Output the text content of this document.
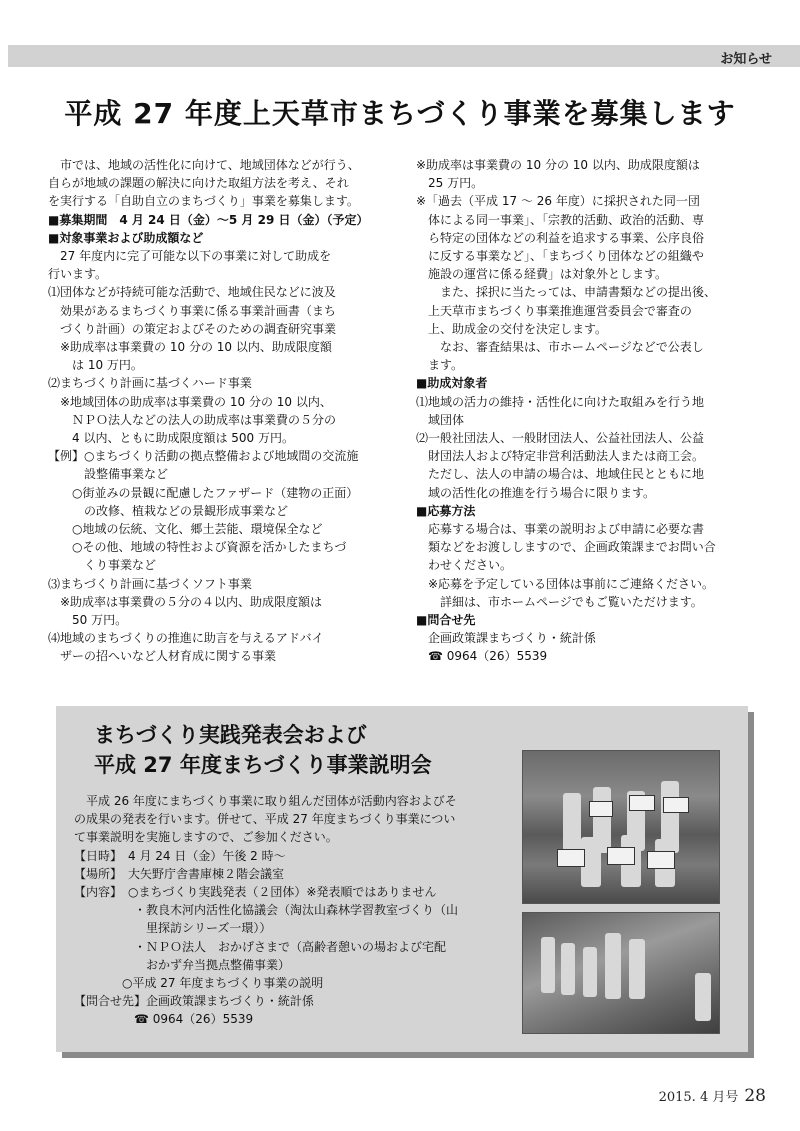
お知らせ
平成 27 年度上天草市まちづくり事業を募集します

　市では、地域の活性化に向けて、地域団体などが行う、

自らが地域の課題の解決に向けた取組方法を考え、それ

を実行する「自助自立のまちづくり」事業を募集します。

■募集期間　4 月 24 日（金）～5 月 29 日（金）（予定）

■対象事業および助成額など

　27 年度内に完了可能な以下の事業に対して助成を

行います。

⑴団体などが持続可能な活動で、地域住民などに波及

　効果があるまちづくり事業に係る事業計画書（まち

　づくり計画）の策定およびそのための調査研究事業

　※助成率は事業費の 10 分の 10 以内、助成限度額

　　は 10 万円。

⑵まちづくり計画に基づくハード事業

　※地域団体の助成率は事業費の 10 分の 10 以内、

　　ＮＰＯ法人などの法人の助成率は事業費の５分の

　　4 以内、ともに助成限度額は 500 万円。

【例】○まちづくり活動の拠点整備および地域間の交流施

　　　設整備事業など

　　○街並みの景観に配慮したファザード（建物の正面）

　　　の改修、植栽などの景観形成事業など

　　○地域の伝統、文化、郷土芸能、環境保全など

　　○その他、地域の特性および資源を活かしたまちづ

　　　くり事業など

⑶まちづくり計画に基づくソフト事業

　※助成率は事業費の５分の４以内、助成限度額は

　　50 万円。

⑷地域のまちづくりの推進に助言を与えるアドバイ

　ザーの招へいなど人材育成に関する事業

※助成率は事業費の 10 分の 10 以内、助成限度額は

　25 万円。

※「過去（平成 17 ～ 26 年度）に採択された同一団

　体による同一事業」、「宗教的活動、政治的活動、専

　ら特定の団体などの利益を追求する事業、公序良俗

　に反する事業など」、「まちづくり団体などの組織や

　施設の運営に係る経費」は対象外とします。

　　また、採択に当たっては、申請書類などの提出後、

　上天草市まちづくり事業推進運営委員会で審査の

　上、助成金の交付を決定します。

　　なお、審査結果は、市ホームページなどで公表し

　ます。

■助成対象者

⑴地域の活力の維持・活性化に向けた取組みを行う地

　域団体

⑵一般社団法人、一般財団法人、公益社団法人、公益

　財団法人および特定非営利活動法人または商工会。

　ただし、法人の申請の場合は、地域住民とともに地

　域の活性化の推進を行う場合に限ります。

■応募方法

　応募する場合は、事業の説明および申請に必要な書

　類などをお渡ししますので、企画政策課までお問い合

　わせください。

　※応募を予定している団体は事前にご連絡ください。

　　詳細は、市ホームページでもご覧いただけます。

■問合せ先

　企画政策課まちづくり・統計係

　☎ 0964（26）5539

まちづくり実践発表会および
平成 27 年度まちづくり事業説明会

　平成 26 年度にまちづくり事業に取り組んだ団体が活動内容およびそ

の成果の発表を行います。併せて、平成 27 年度まちづくり事業につい

て事業説明を実施しますので、ご参加ください。

【日時】　4 月 24 日（金）午後 2 時～

【場所】　大矢野庁舎書庫棟２階会議室

【内容】　○まちづくり実践発表（２団体）※発表順ではありません

　　　　　・教良木河内活性化協議会（淘汰山森林学習教室づくり（山

　　　　　　里探訪シリーズ一環））

　　　　　・ＮＰＯ法人　おかげさまで（高齢者憩いの場および宅配

　　　　　　おかず弁当拠点整備事業）

　　　　○平成 27 年度まちづくり事業の説明

【問合せ先】企画政策課まちづくり・統計係

　　　　　☎ 0964（26）5539

2015. 4 月号 28
